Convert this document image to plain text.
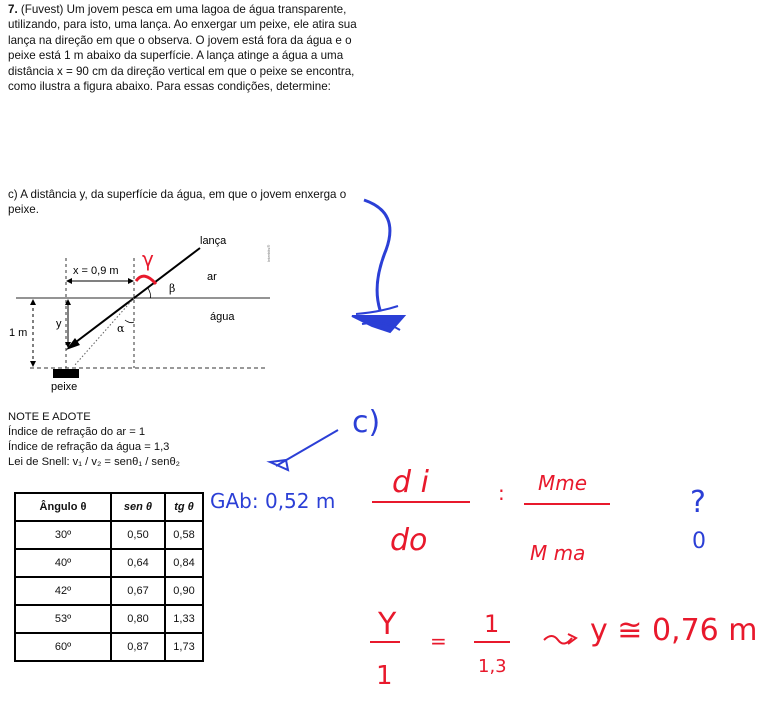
7. (Fuvest) Um jovem pesca em uma lagoa de água transparente, utilizando, para isto, uma lança. Ao enxergar um peixe, ele atira sua lança na direção em que o observa. O jovem está fora da água e o peixe está 1 m abaixo da superfície. A lança atinge a água a uma distância x = 90 cm da direção vertical em que o peixe se encontra, como ilustra a figura abaixo. Para essas condições, determine:
c) A distância y, da superfície da água, em que o jovem enxerga o peixe.
lança
ar
água
x = 0,9 m
β
α
y
1 m
peixe
Interbits®
γ
c)
GAb: 0,52 m
d i
do
: Mme
M ma
?
0
Y
1
=
1
1,3
y ≅ 0,76 m
NOTE E ADOTE
Índice de refração do ar = 1
Índice de refração da água = 1,3
Lei de Snell: v₁ / v₂ = senθ₁ / senθ₂
Ângulo θ	sen θ	tg θ
30º	0,50	0,58
40º	0,64	0,84
42º	0,67	0,90
53º	0,80	1,33
60º	0,87	1,73
